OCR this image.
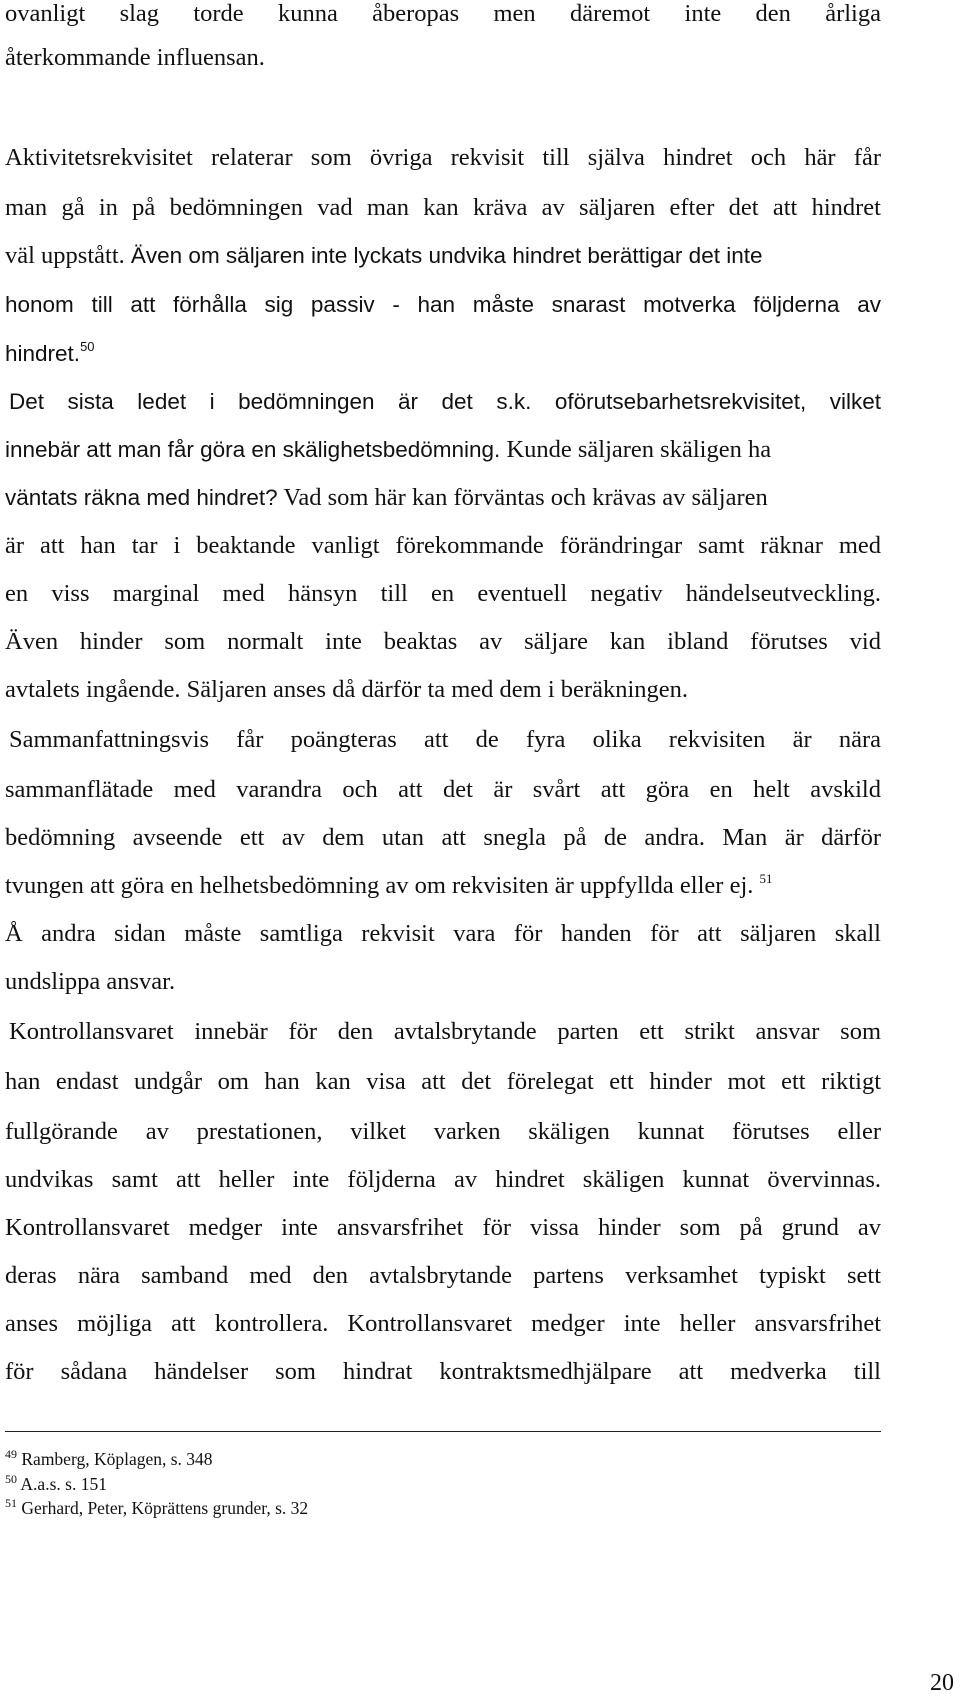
ovanligt slag torde kunna åberopas men däremot inte den årliga
återkommande influensan.
Aktivitetsrekvisitet relaterar som övriga rekvisit till själva hindret och här får
man gå in på bedömningen vad man kan kräva av säljaren efter det att hindret
väl uppstått. Även om säljaren inte lyckats undvika hindret berättigar det inte
honom till att förhålla sig passiv - han måste snarast motverka följderna av
hindret.$^{50}$
Det sista ledet i bedömningen är det s.k. oförutsebarhetsrekvisitet, vilket
innebär att man får göra en skälighetsbedömning. Kunde säljaren skäligen ha
väntats räkna med hindret? Vad som här kan förväntas och krävas av säljaren
är att han tar i beaktande vanligt förekommande förändringar samt räknar med
en viss marginal med hänsyn till en eventuell negativ händelseutveckling.
Även hinder som normalt inte beaktas av säljare kan ibland förutses vid
avtalets ingående. Säljaren anses då därför ta med dem i beräkningen.
Sammanfattningsvis får poängteras att de fyra olika rekvisiten är nära
sammanflätade med varandra och att det är svårt att göra en helt avskild
bedömning avseende ett av dem utan att snegla på de andra. Man är därför
tvungen att göra en helhetsbedömning av om rekvisiten är uppfyllda eller ej. $^{51}$
Å andra sidan måste samtliga rekvisit vara för handen för att säljaren skall
undslippa ansvar.
Kontrollansvaret innebär för den avtalsbrytande parten ett strikt ansvar som
han endast undgår om han kan visa att det förelegat ett hinder mot ett riktigt
fullgörande av prestationen, vilket varken skäligen kunnat förutses eller
undvikas samt att heller inte följderna av hindret skäligen kunnat övervinnas.
Kontrollansvaret medger inte ansvarsfrihet för vissa hinder som på grund av
deras nära samband med den avtalsbrytande partens verksamhet typiskt sett
anses möjliga att kontrollera. Kontrollansvaret medger inte heller ansvarsfrihet
för sådana händelser som hindrat kontraktsmedhjälpare att medverka till
$^{49}$ Ramberg, Köplagen, s. 348
$^{50}$ A.a.s. s. 151
$^{51}$ Gerhard, Peter, Köprättens grunder, s. 32
20
